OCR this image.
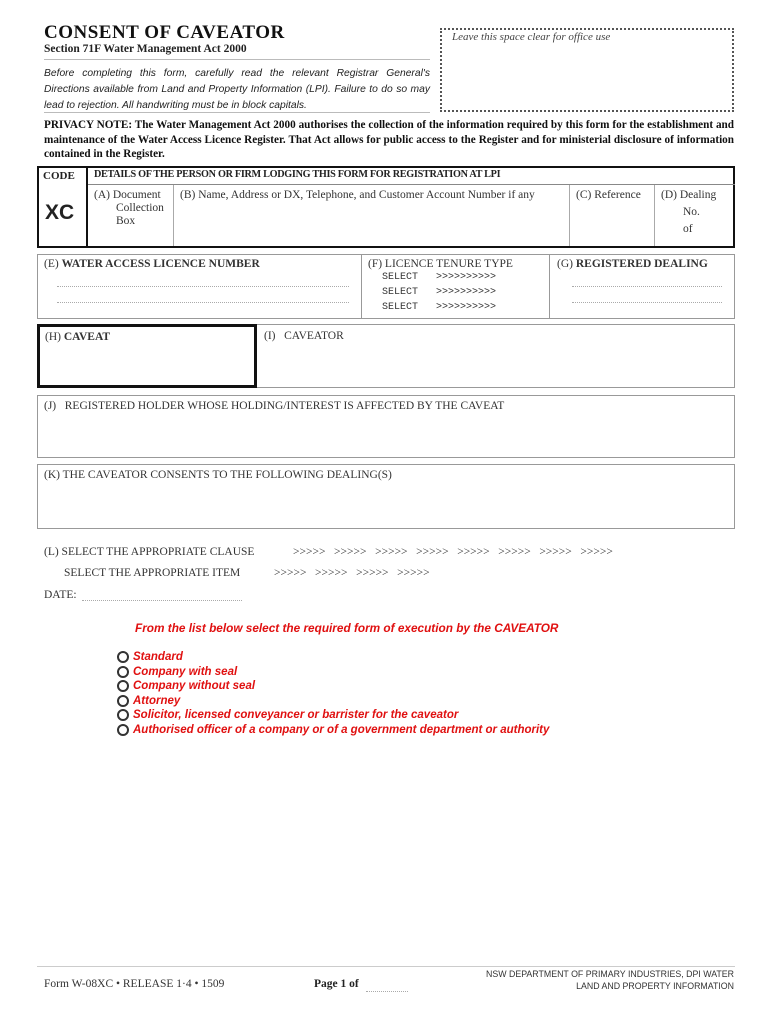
CONSENT OF CAVEATOR
Section 71F Water Management Act 2000
Before completing this form, carefully read the relevant Registrar General's Directions available from Land and Property Information (LPI). Failure to do so may lead to rejection. All handwriting must be in block capitals.
Leave this space clear for office use
PRIVACY NOTE: The Water Management Act 2000 authorises the collection of the information required by this form for the establishment and maintenance of the Water Access Licence Register. That Act allows for public access to the Register and for ministerial disclosure of information contained in the Register.
CODE
XC
DETAILS OF THE PERSON OR FIRM LODGING THIS FORM FOR REGISTRATION AT LPI
(A) Document
Collection
Box
(B) Name, Address or DX, Telephone, and Customer Account Number if any	(C) Reference (D) Dealing
No.
of
(E) WATER ACCESS LICENCE NUMBER	(F) LICENCE TENURE TYPE
SELECT   >>>>>>>>>>
SELECT   >>>>>>>>>>
SELECT   >>>>>>>>>>
(G) REGISTERED DEALING
(H) CAVEAT	(I)   CAVEATOR
(J)   REGISTERED HOLDER WHOSE HOLDING/INTEREST IS AFFECTED BY THE CAVEAT
(K) THE CAVEATOR CONSENTS TO THE FOLLOWING DEALING(S)
(L) SELECT THE APPROPRIATE CLAUSE	>>>>>   >>>>>   >>>>>   >>>>>   >>>>>   >>>>>   >>>>>   >>>>>
SELECT THE APPROPRIATE ITEM	>>>>>   >>>>>   >>>>>   >>>>>
DATE:
From the list below select the required form of execution by the CAVEATOR
Standard
Company with seal
Company without seal
Attorney
Solicitor, licensed conveyancer or barrister for the caveator
Authorised officer of a company or of a government department or authority
Form W-08XC • RELEASE 1·4 • 1509	Page 1 of
NSW DEPARTMENT OF PRIMARY INDUSTRIES, DPI WATER
LAND AND PROPERTY INFORMATION
